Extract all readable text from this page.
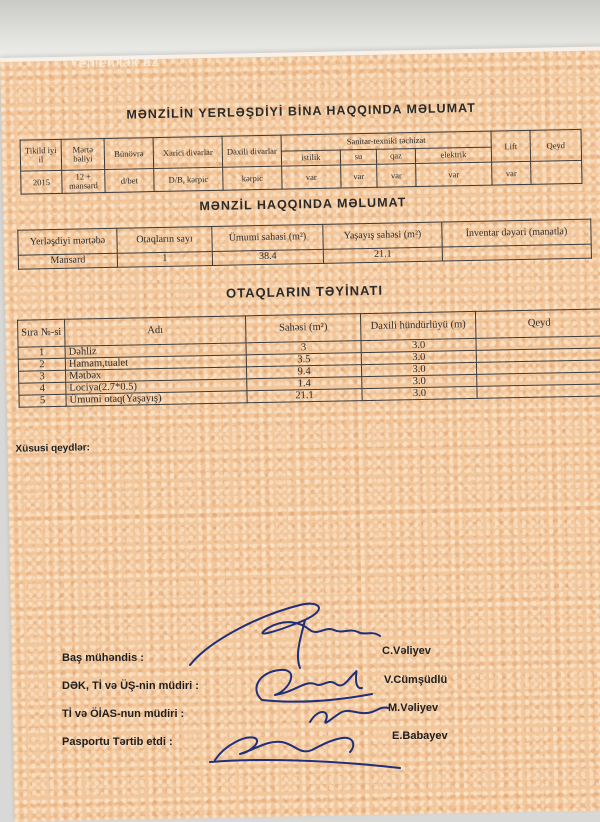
Yeniemlak.az
MƏNZİLİN YERLƏŞDİYİ BİNA HAQQINDA MƏLUMAT
Tikild iyi il	Mərtə bəliyi	Bünövrə	Xarici divarlar	Daxili divarlar	Sanitar-texniki təchizat				Lift	Qeyd
					istilik	su	qaz	elektrik		
2015	12 + mansard	d/bet	D/B, kərpic	kərpic	var	var	var	var	var	
MƏNZİL HAQQINDA MƏLUMAT
Yerləşdiyi mərtəbə	Otaqların sayı	Ümumi sahəsi (m²)	Yaşayış sahəsi (m²)	İnventar dəyəri (manatla)
Mansard	1	38.4	21.1	
OTAQLARIN TƏYİNATI
Sıra №-si	Adı	Sahəsi (m²)	Daxili hündürlüyü (m)	Qeyd
1	Dəhliz	3	3.0	
2	Hamam,tualet	3.5	3.0	
3	Mətbəx	9.4	3.0	
4	Lociya(2.7*0.5)	1.4	3.0	
5	Ümumi otaq(Yaşayış)	21.1	3.0	
Xüsusi qeydlər:
Baş mühəndis :
C.Vəliyev
DƏK, Tİ və ÜŞ-nin müdiri :	V.Cümşüdlü
Tİ və ÖİAS-nun müdiri :	M.Vəliyev
Pasportu Tərtib etdi :	E.Babayev
